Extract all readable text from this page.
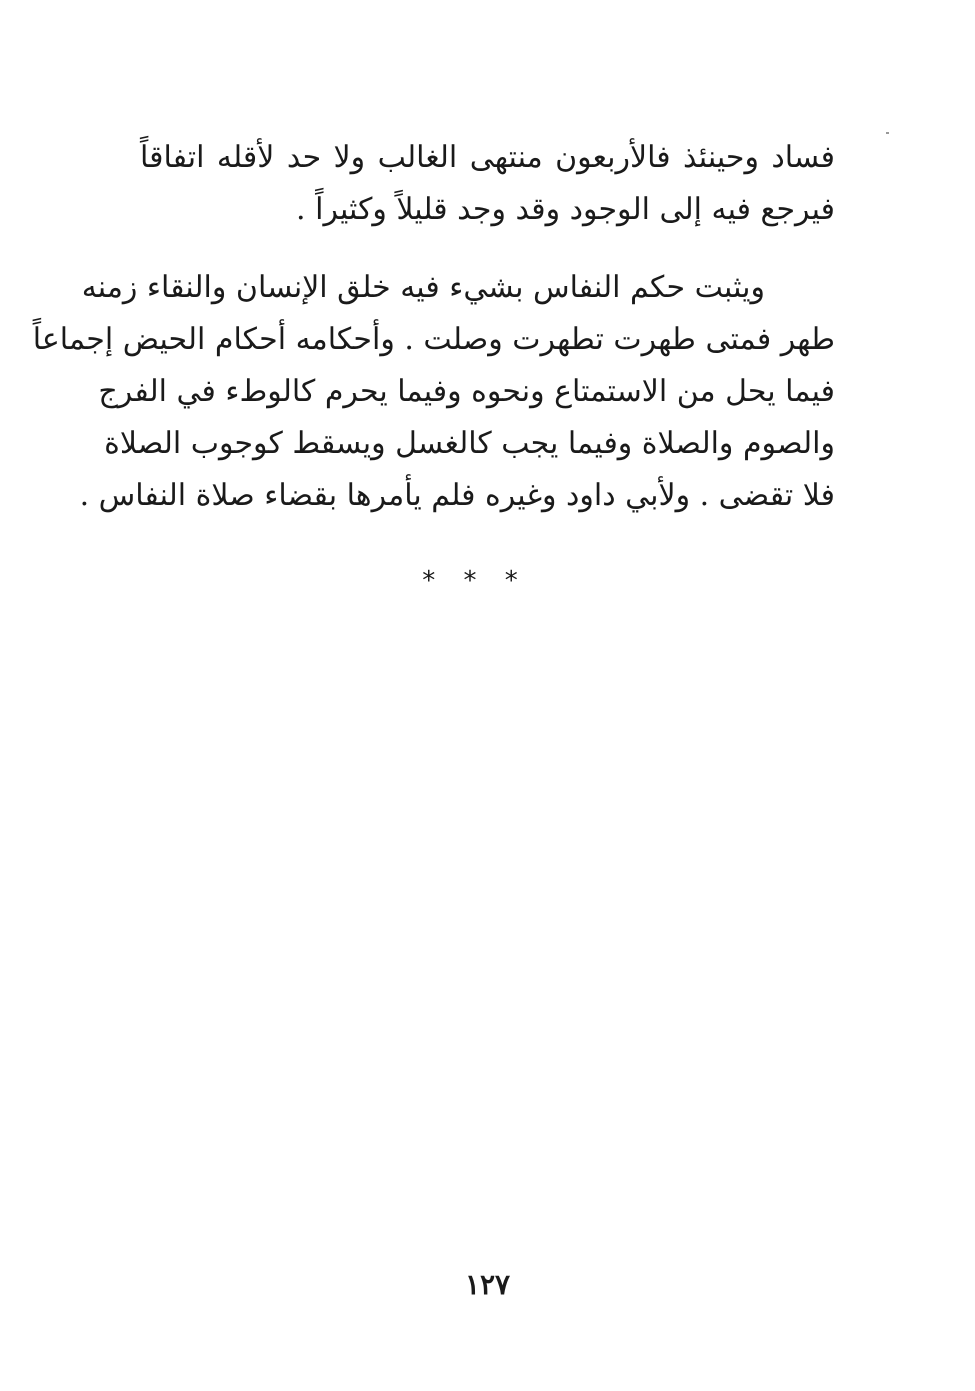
فساد وحينئذ فالأربعون منتهى الغالب ولا حد لأقله اتفاقاً
فيرجع فيه إلى الوجود وقد وجد قليلاً وكثيراً .
ويثبت حكم النفاس بشيء فيه خلق الإنسان والنقاء زمنه
طهر فمتى طهرت تطهرت وصلت . وأحكامه أحكام الحيض إجماعاً
فيما يحل من الاستمتاع ونحوه وفيما يحرم كالوطء في الفرج
والصوم والصلاة وفيما يجب كالغسل ويسقط كوجوب الصلاة
فلا تقضى . ولأبي داود وغيره فلم يأمرها بقضاء صلاة النفاس .
* * *
١٢٧
